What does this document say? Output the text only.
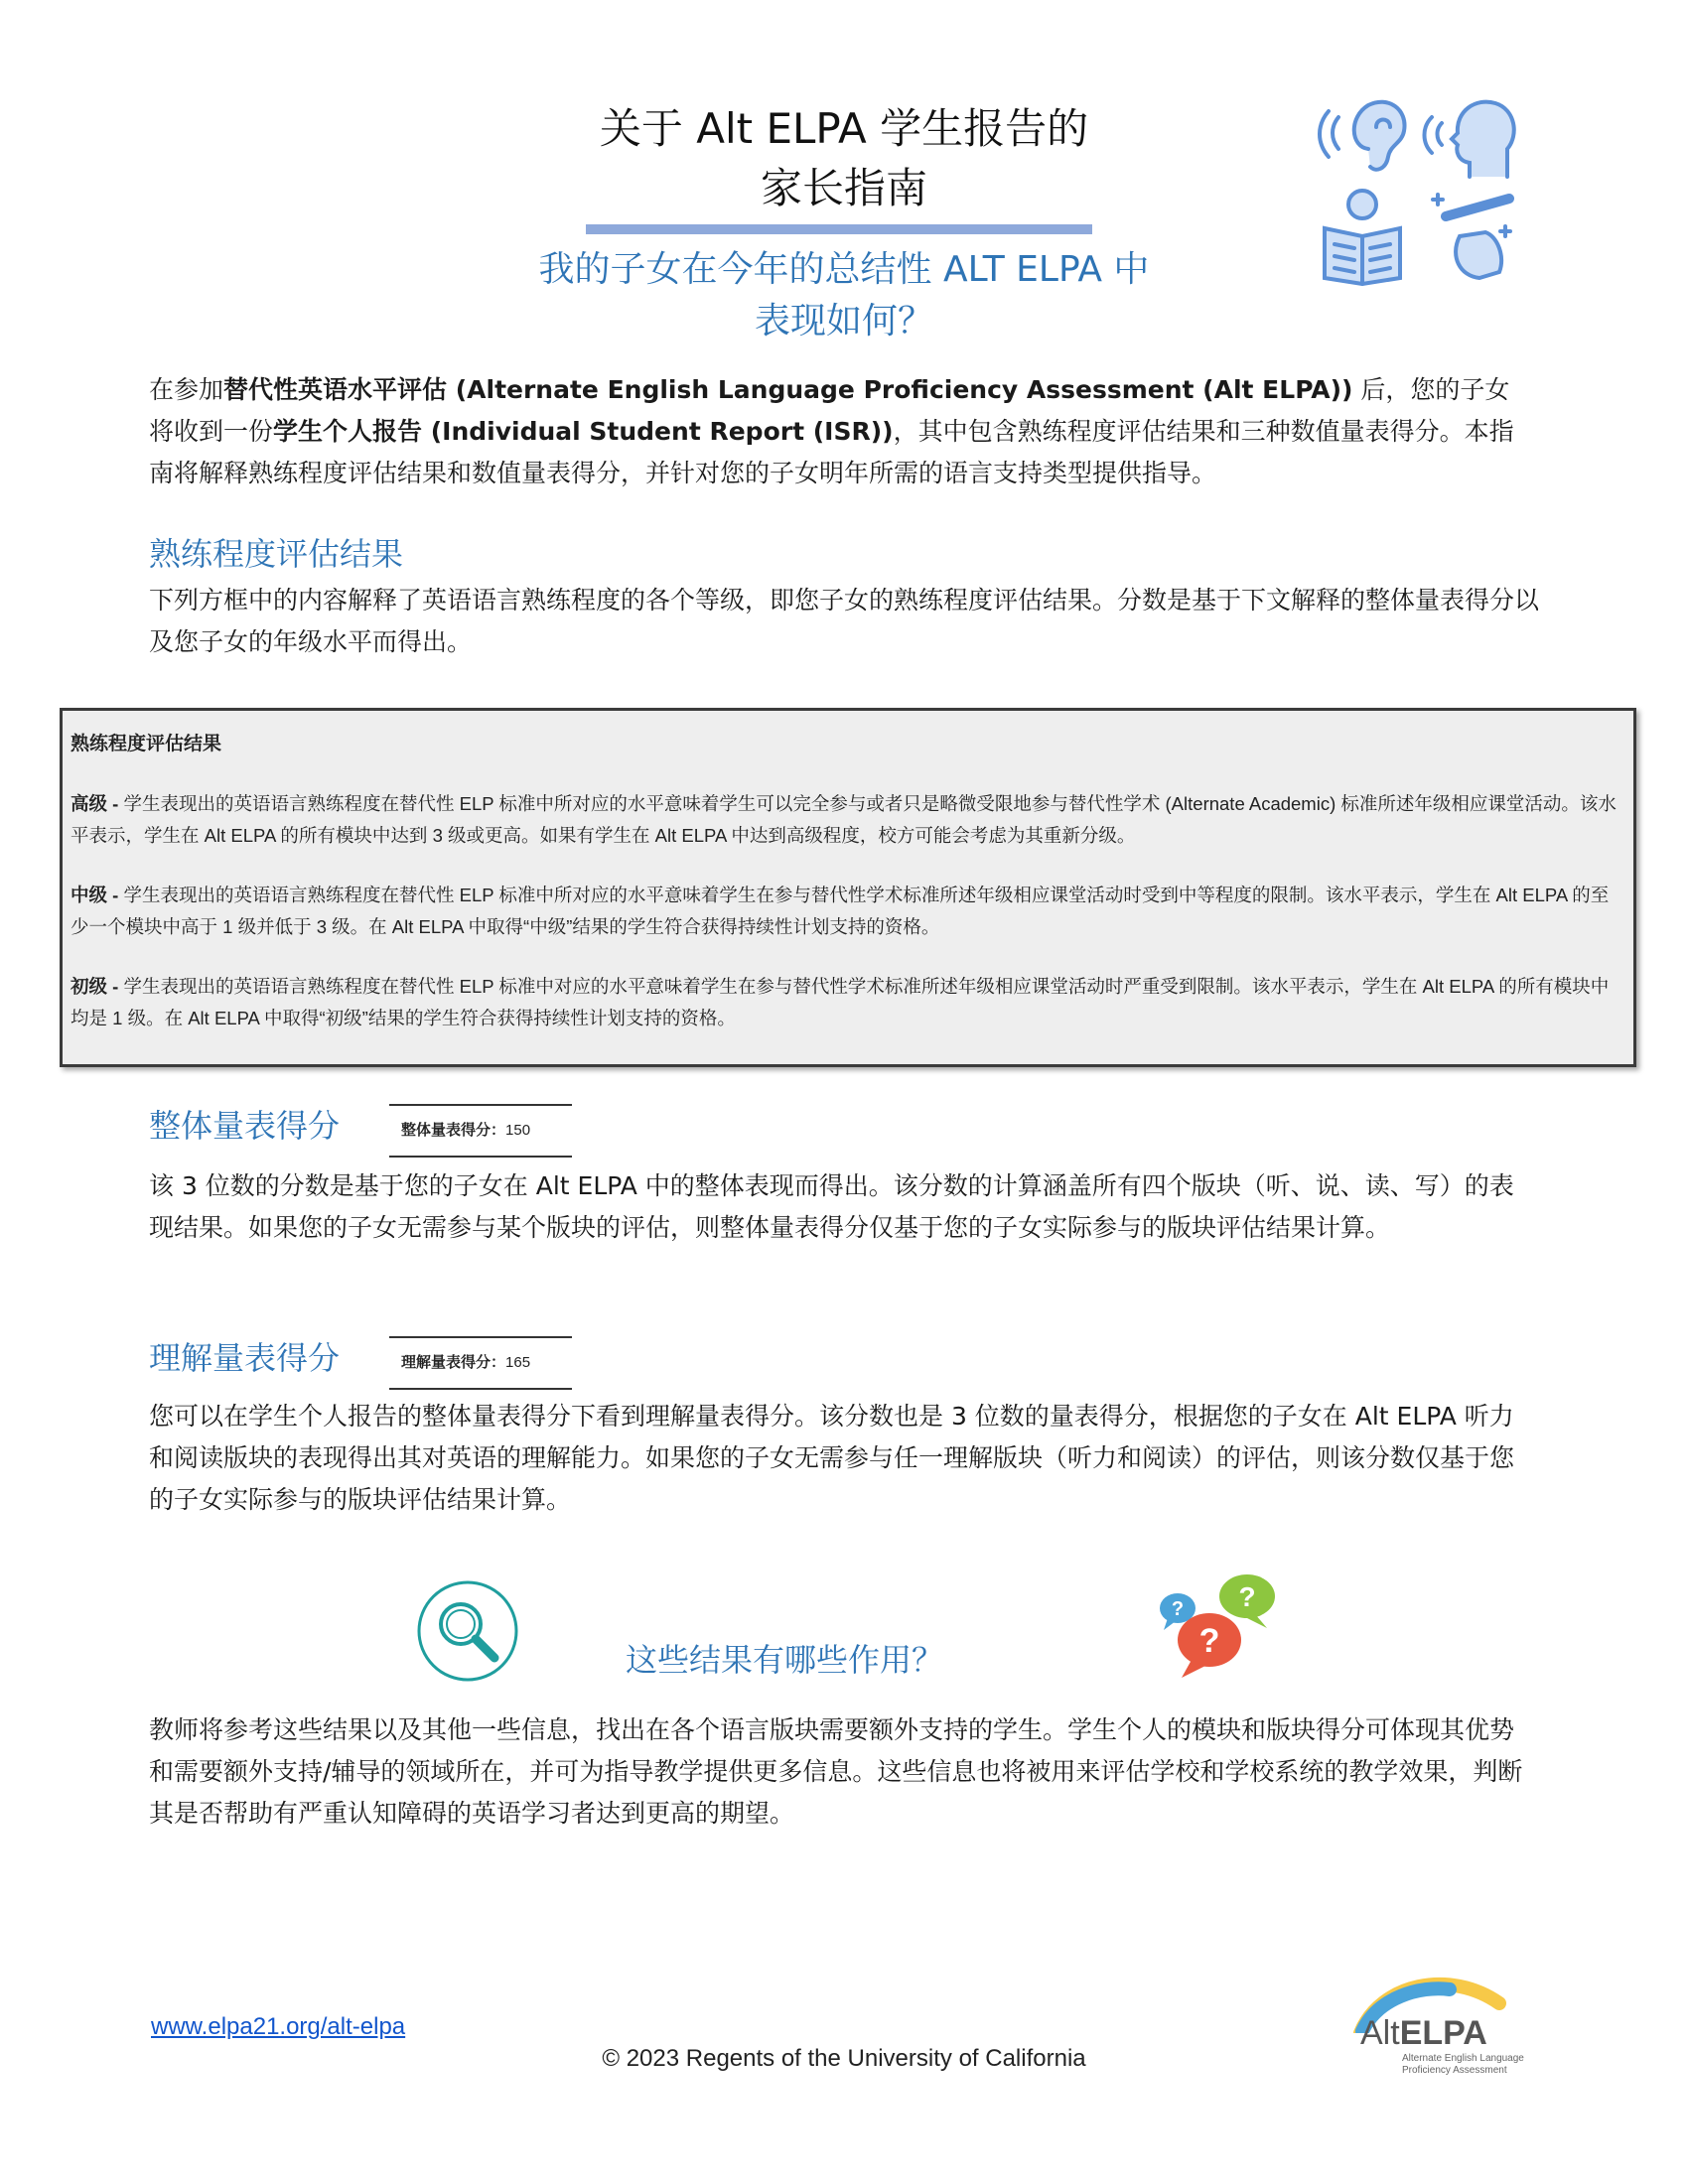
关于 Alt ELPA 学生报告的
家长指南
我的子女在今年的总结性 ALT ELPA 中
表现如何？
在参加替代性英语水平评估 (Alternate English Language Proficiency Assessment (Alt ELPA)) 后，您的子女将收到一份学生个人报告 (Individual Student Report (ISR))，其中包含熟练程度评估结果和三种数值量表得分。本指南将解释熟练程度评估结果和数值量表得分，并针对您的子女明年所需的语言支持类型提供指导。
熟练程度评估结果
下列方框中的内容解释了英语语言熟练程度的各个等级，即您子女的熟练程度评估结果。分数是基于下文解释的整体量表得分以及您子女的年级水平而得出。
熟练程度评估结果

高级 - 学生表现出的英语语言熟练程度在替代性 ELP 标准中所对应的水平意味着学生可以完全参与或者只是略微受限地参与替代性学术 (Alternate Academic) 标准所述年级相应课堂活动。该水平表示，学生在 Alt ELPA 的所有模块中达到 3 级或更高。如果有学生在 Alt ELPA 中达到高级程度，校方可能会考虑为其重新分级。

中级 - 学生表现出的英语语言熟练程度在替代性 ELP 标准中所对应的水平意味着学生在参与替代性学术标准所述年级相应课堂活动时受到中等程度的限制。该水平表示，学生在 Alt ELPA 的至少一个模块中高于 1 级并低于 3 级。在 Alt ELPA 中取得“中级”结果的学生符合获得持续性计划支持的资格。

初级 - 学生表现出的英语语言熟练程度在替代性 ELP 标准中对应的水平意味着学生在参与替代性学术标准所述年级相应课堂活动时严重受到限制。该水平表示，学生在 Alt ELPA 的所有模块中均是 1 级。在 Alt ELPA 中取得“初级”结果的学生符合获得持续性计划支持的资格。

整体量表得分	整体量表得分：150
该 3 位数的分数是基于您的子女在 Alt ELPA 中的整体表现而得出。该分数的计算涵盖所有四个版块（听、说、读、写）的表现结果。如果您的子女无需参与某个版块的评估，则整体量表得分仅基于您的子女实际参与的版块评估结果计算。
理解量表得分	理解量表得分：165
您可以在学生个人报告的整体量表得分下看到理解量表得分。该分数也是 3 位数的量表得分，根据您的子女在 Alt ELPA 听力和阅读版块的表现得出其对英语的理解能力。如果您的子女无需参与任一理解版块（听力和阅读）的评估，则该分数仅基于您的子女实际参与的版块评估结果计算。
这些结果有哪些作用？
? ?
?
教师将参考这些结果以及其他一些信息，找出在各个语言版块需要额外支持的学生。学生个人的模块和版块得分可体现其优势和需要额外支持/辅导的领域所在，并可为指导教学提供更多信息。这些信息也将被用来评估学校和学校系统的教学效果，判断其是否帮助有严重认知障碍的英语学习者达到更高的期望。
www.elpa21.org/alt-elpa
© 2023 Regents of the University of California
AltELPA
Alternate English Language
Proficiency Assessment
